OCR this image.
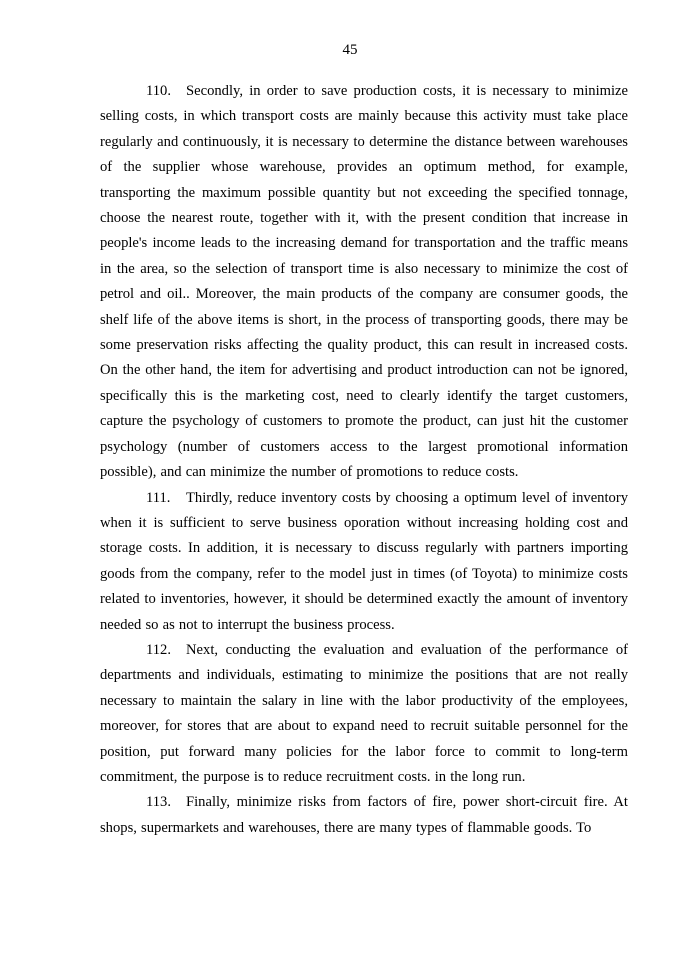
45

110. Secondly, in order to save production costs, it is necessary to minimize selling costs, in which transport costs are mainly because this activity must take place regularly and continuously, it is necessary to determine the distance between warehouses of the supplier whose warehouse, provides an optimum method, for example, transporting the maximum possible quantity but not exceeding the specified tonnage, choose the nearest route, together with it, with the present condition that increase in people's income leads to the increasing demand for transportation and the traffic means in the area, so the selection of transport time is also necessary to minimize the cost of petrol and oil.. Moreover, the main products of the company are consumer goods, the shelf life of the above items is short, in the process of transporting goods, there may be some preservation risks affecting the quality product, this can result in increased costs. On the other hand, the item for advertising and product introduction can not be ignored, specifically this is the marketing cost, need to clearly identify the target customers, capture the psychology of customers to promote the product, can just hit the customer psychology (number of customers access to the largest promotional information possible), and can minimize the number of promotions to reduce costs.

111. Thirdly, reduce inventory costs by choosing a optimum level of inventory when it is sufficient to serve business oporation without increasing holding cost and storage costs. In addition, it is necessary to discuss regularly with partners importing goods from the company, refer to the model just in times (of Toyota) to minimize costs related to inventories, however, it should be determined exactly the amount of inventory needed so as not to interrupt the business process.

112. Next, conducting the evaluation and evaluation of the performance of departments and individuals, estimating to minimize the positions that are not really necessary to maintain the salary in line with the labor productivity of the employees, moreover, for stores that are about to expand need to recruit suitable personnel for the position, put forward many policies for the labor force to commit to long-term commitment, the purpose is to reduce recruitment costs. in the long run.

113. Finally, minimize risks from factors of fire, power short-circuit fire. At shops, supermarkets and warehouses, there are many types of flammable goods. To
